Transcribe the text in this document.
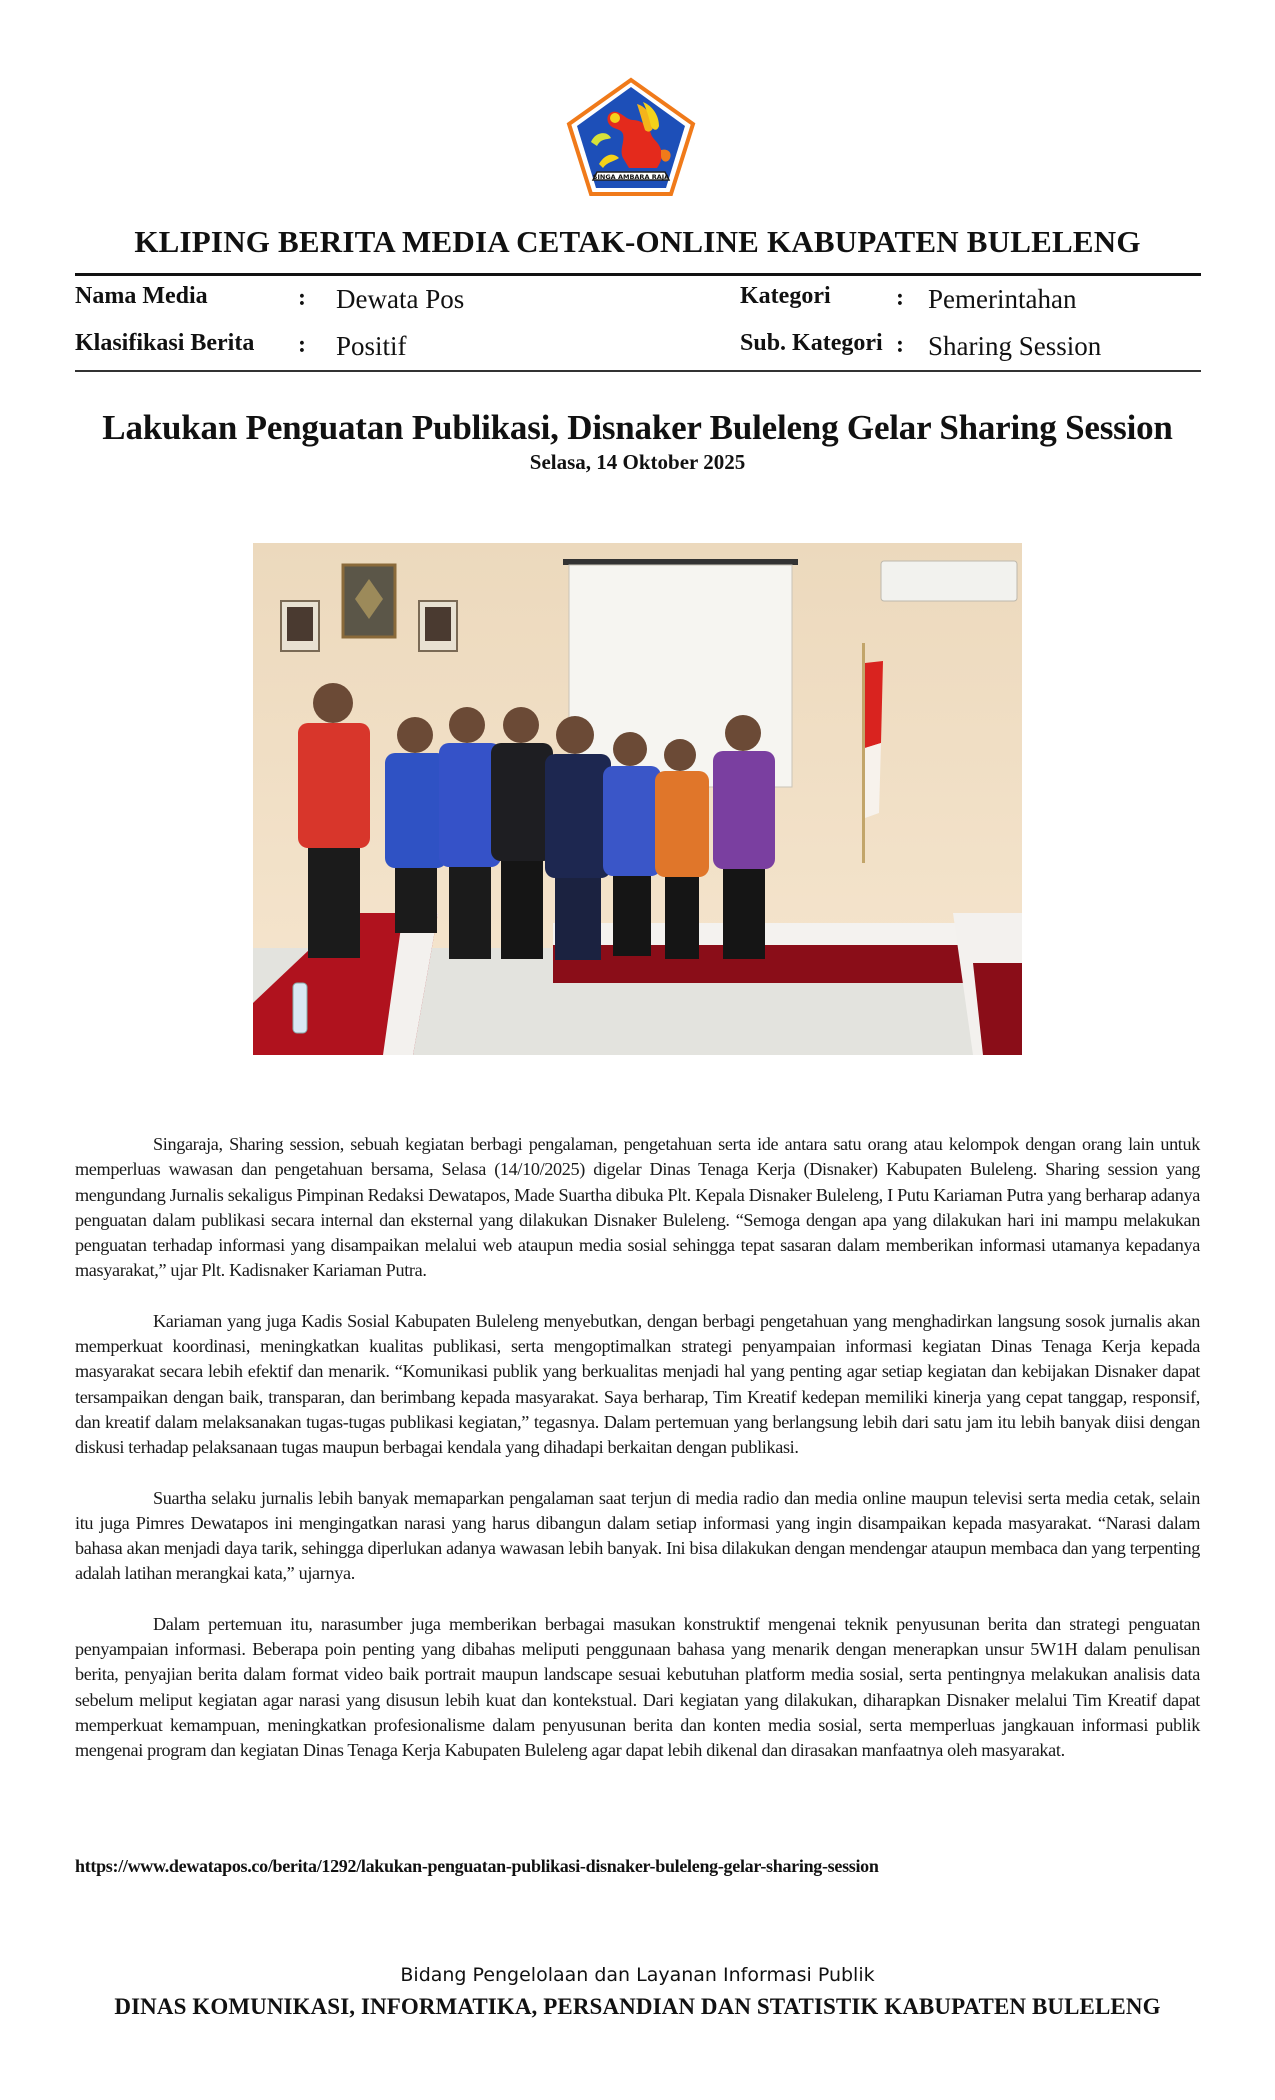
SINGA AMBARA RAJA
KLIPING BERITA MEDIA CETAK-ONLINE KABUPATEN BULELENG
Nama Media	: Dewata Pos
Klasifikasi Berita : Positif
Kategori	: Pemerintahan
Sub. Kategori : Sharing Session
Lakukan Penguatan Publikasi, Disnaker Buleleng Gelar Sharing Session
Selasa, 14 Oktober 2025

Singaraja, Sharing session, sebuah kegiatan berbagi pengalaman, pengetahuan serta ide antara satu orang atau kelompok dengan orang lain untuk memperluas wawasan dan pengetahuan bersama, Selasa (14/10/2025) digelar Dinas Tenaga Kerja (Disnaker) Kabupaten Buleleng. Sharing session yang mengundang Jurnalis sekaligus Pimpinan Redaksi Dewatapos, Made Suartha dibuka Plt. Kepala Disnaker Buleleng, I Putu Kariaman Putra yang berharap adanya penguatan dalam publikasi secara internal dan eksternal yang dilakukan Disnaker Buleleng. “Semoga dengan apa yang dilakukan hari ini mampu melakukan penguatan terhadap informasi yang disampaikan melalui web ataupun media sosial sehingga tepat sasaran dalam memberikan informasi utamanya kepadanya masyarakat,” ujar Plt. Kadisnaker Kariaman Putra.

Kariaman yang juga Kadis Sosial Kabupaten Buleleng menyebutkan, dengan berbagi pengetahuan yang menghadirkan langsung sosok jurnalis akan memperkuat koordinasi, meningkatkan kualitas publikasi, serta mengoptimalkan strategi penyampaian informasi kegiatan Dinas Tenaga Kerja kepada masyarakat secara lebih efektif dan menarik. “Komunikasi publik yang berkualitas menjadi hal yang penting agar setiap kegiatan dan kebijakan Disnaker dapat tersampaikan dengan baik, transparan, dan berimbang kepada masyarakat. Saya berharap, Tim Kreatif kedepan memiliki kinerja yang cepat tanggap, responsif, dan kreatif dalam melaksanakan tugas-tugas publikasi kegiatan,” tegasnya. Dalam pertemuan yang berlangsung lebih dari satu jam itu lebih banyak diisi dengan diskusi terhadap pelaksanaan tugas maupun berbagai kendala yang dihadapi berkaitan dengan publikasi.

Suartha selaku jurnalis lebih banyak memaparkan pengalaman saat terjun di media radio dan media online maupun televisi serta media cetak, selain itu juga Pimres Dewatapos ini mengingatkan narasi yang harus dibangun dalam setiap informasi yang ingin disampaikan kepada masyarakat. “Narasi dalam bahasa akan menjadi daya tarik, sehingga diperlukan adanya wawasan lebih banyak. Ini bisa dilakukan dengan mendengar ataupun membaca dan yang terpenting adalah latihan merangkai kata,” ujarnya.

Dalam pertemuan itu, narasumber juga memberikan berbagai masukan konstruktif mengenai teknik penyusunan berita dan strategi penguatan penyampaian informasi. Beberapa poin penting yang dibahas meliputi penggunaan bahasa yang menarik dengan menerapkan unsur 5W1H dalam penulisan berita, penyajian berita dalam format video baik portrait maupun landscape sesuai kebutuhan platform media sosial, serta pentingnya melakukan analisis data sebelum meliput kegiatan agar narasi yang disusun lebih kuat dan kontekstual. Dari kegiatan yang dilakukan, diharapkan Disnaker melalui Tim Kreatif dapat memperkuat kemampuan, meningkatkan profesionalisme dalam penyusunan berita dan konten media sosial, serta memperluas jangkauan informasi publik mengenai program dan kegiatan Dinas Tenaga Kerja Kabupaten Buleleng agar dapat lebih dikenal dan dirasakan manfaatnya oleh masyarakat.

https://www.dewatapos.co/berita/1292/lakukan-penguatan-publikasi-disnaker-buleleng-gelar-sharing-session
Bidang Pengelolaan dan Layanan Informasi Publik
DINAS KOMUNIKASI, INFORMATIKA, PERSANDIAN DAN STATISTIK KABUPATEN BULELENG
